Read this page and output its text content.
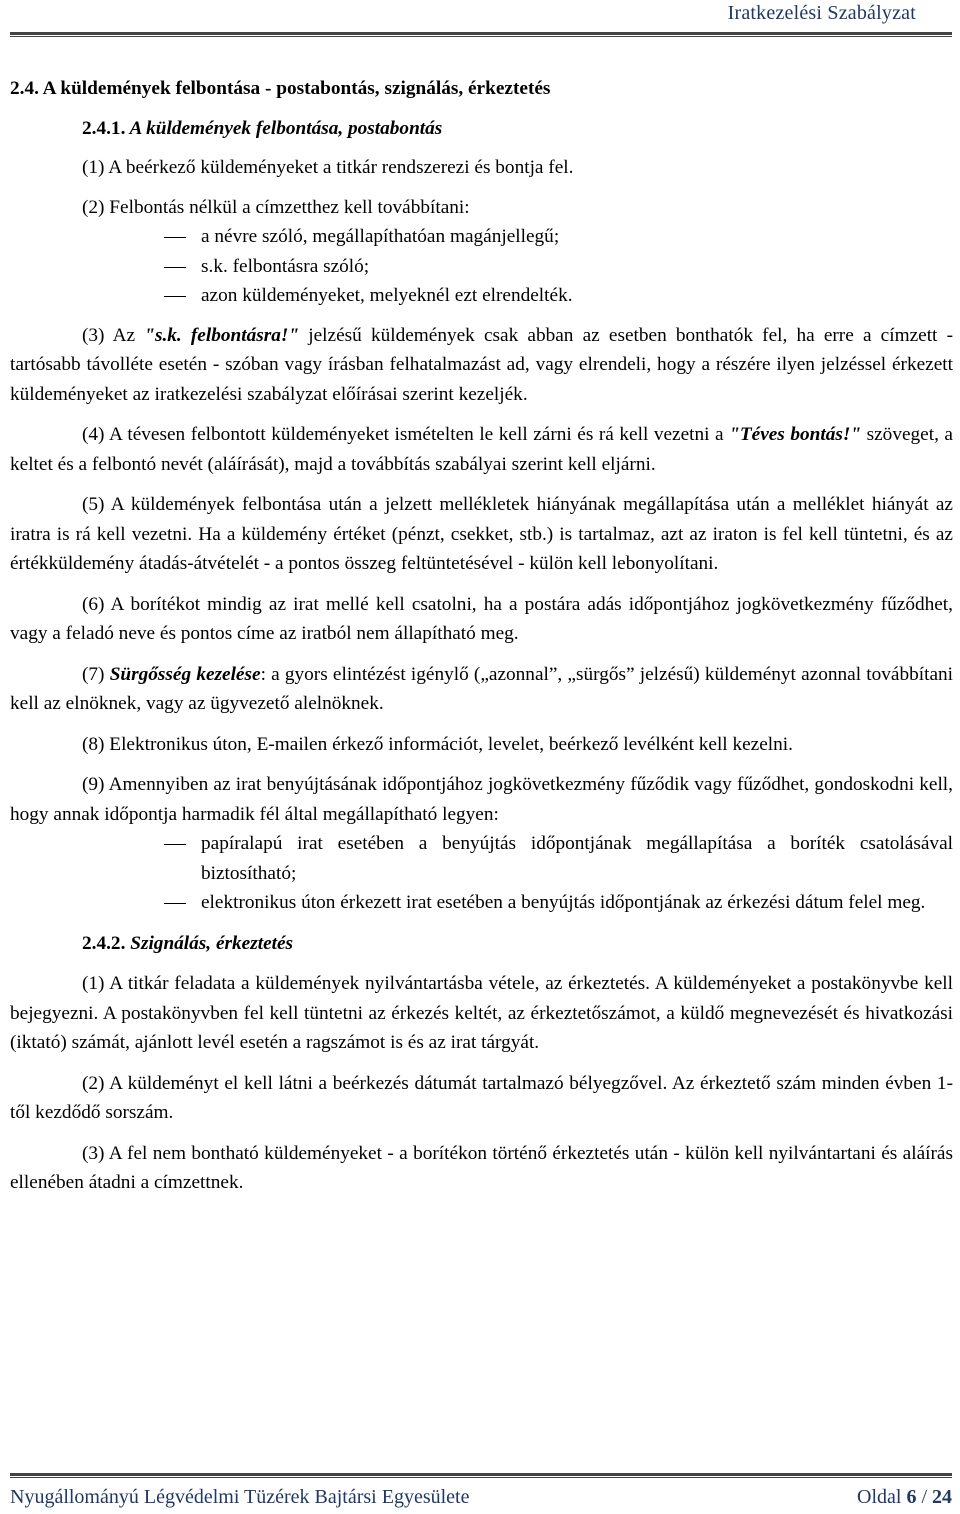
Iratkezelési Szabályzat
2.4. A küldemények felbontása - postabontás, szignálás, érkeztetés
2.4.1. A küldemények felbontása, postabontás
(1) A beérkező küldeményeket a titkár rendszerezi és bontja fel.
(2) Felbontás nélkül a címzetthez kell továbbítani:
a névre szóló, megállapíthatóan magánjellegű;
s.k. felbontásra szóló;
azon küldeményeket, melyeknél ezt elrendelték.

(3) Az "s.k. felbontásra!" jelzésű küldemények csak abban az esetben bonthatók fel, ha erre a címzett - tartósabb távolléte esetén - szóban vagy írásban felhatalmazást ad, vagy elrendeli, hogy a részére ilyen jelzéssel érkezett küldeményeket az iratkezelési szabályzat előírásai szerint kezeljék.

(4) A tévesen felbontott küldeményeket ismételten le kell zárni és rá kell vezetni a "Téves bontás!" szöveget, a keltet és a felbontó nevét (aláírását), majd a továbbítás szabályai szerint kell eljárni.

(5) A küldemények felbontása után a jelzett mellékletek hiányának megállapítása után a melléklet hiányát az iratra is rá kell vezetni. Ha a küldemény értéket (pénzt, csekket, stb.) is tartalmaz, azt az iraton is fel kell tüntetni, és az értékküldemény átadás-átvételét - a pontos összeg feltüntetésével - külön kell lebonyolítani.

(6) A borítékot mindig az irat mellé kell csatolni, ha a postára adás időpontjához jogkövetkezmény fűződhet, vagy a feladó neve és pontos címe az iratból nem állapítható meg.

(7) Sürgősség kezelése: a gyors elintézést igénylő („azonnal”, „sürgős” jelzésű) küldeményt azonnal továbbítani kell az elnöknek, vagy az ügyvezető alelnöknek.

(8) Elektronikus úton, E-mailen érkező információt, levelet, beérkező levélként kell kezelni.

(9) Amennyiben az irat benyújtásának időpontjához jogkövetkezmény fűződik vagy fűződhet, gondoskodni kell, hogy annak időpontja harmadik fél által megállapítható legyen:

papíralapú irat esetében a benyújtás időpontjának megállapítása a boríték csatolásával biztosítható;
elektronikus úton érkezett irat esetében a benyújtás időpontjának az érkezési dátum felel meg.
2.4.2. Szignálás, érkeztetés

(1) A titkár feladata a küldemények nyilvántartásba vétele, az érkeztetés. A küldeményeket a postakönyvbe kell bejegyezni. A postakönyvben fel kell tüntetni az érkezés keltét, az érkeztetőszámot, a küldő megnevezését és hivatkozási (iktató) számát, ajánlott levél esetén a ragszámot is és az irat tárgyát.

(2) A küldeményt el kell látni a beérkezés dátumát tartalmazó bélyegzővel. Az érkeztető szám minden évben 1-től kezdődő sorszám.

(3) A fel nem bontható küldeményeket - a borítékon történő érkeztetés után - külön kell nyilvántartani és aláírás ellenében átadni a címzettnek.

Nyugállományú Légvédelmi Tüzérek Bajtársi Egyesülete	Oldal 6 / 24
